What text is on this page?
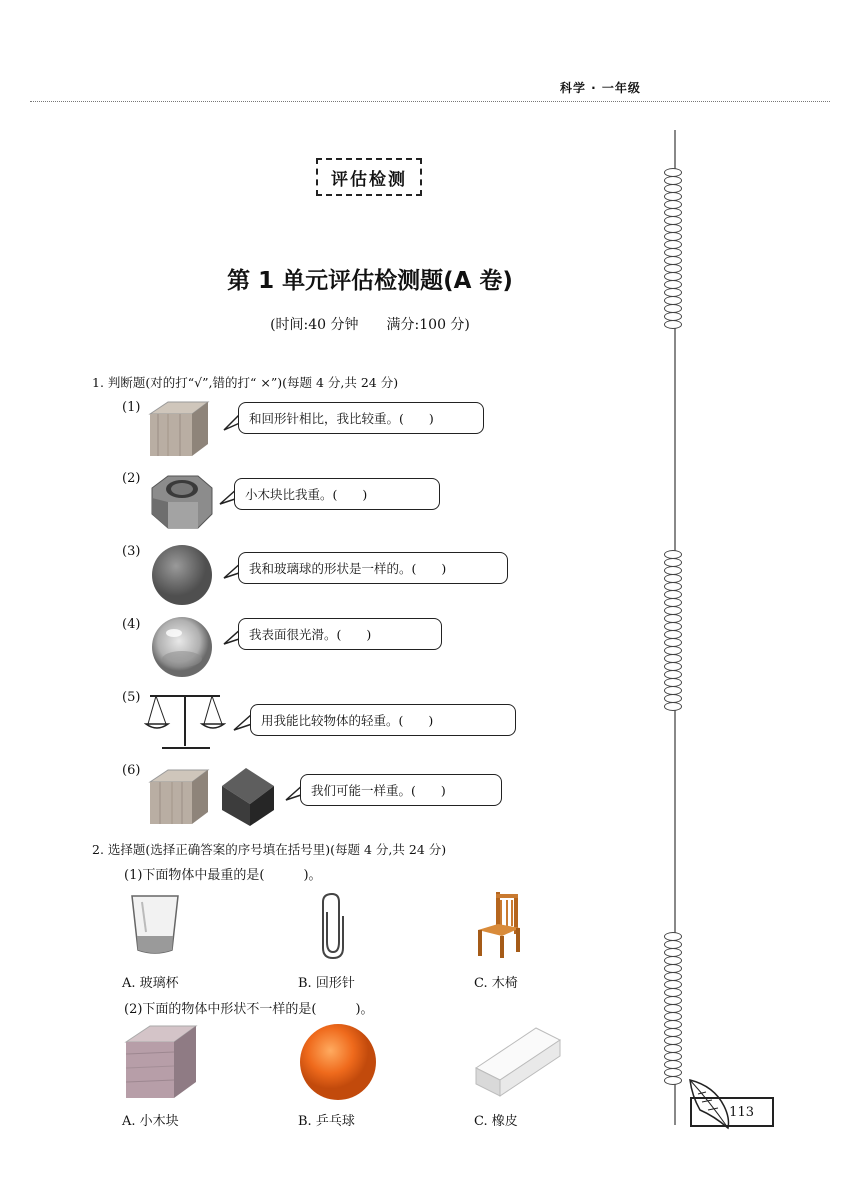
科学 · 一年级
评估检测
第 1 单元评估检测题(A 卷)
(时间:40 分钟　　满分:100 分)
1. 判断题(对的打“√”,错的打“ ×”)(每题 4 分,共 24 分)
(1)
和回形针相比，我比较重。(　　)
(2)
小木块比我重。(　　)
(3)
我和玻璃球的形状是一样的。(　　)
(4)
我表面很光滑。(　　)
(5)
用我能比较物体的轻重。(　　)
(6)
我们可能一样重。(　　)
2. 选择题(选择正确答案的序号填在括号里)(每题 4 分,共 24 分)
(1)下面物体中最重的是(　　　)。
A. 玻璃杯	B. 回形针	C. 木椅
(2)下面的物体中形状不一样的是(　　　)。
A. 小木块	B. 乒乓球	C. 橡皮
113
